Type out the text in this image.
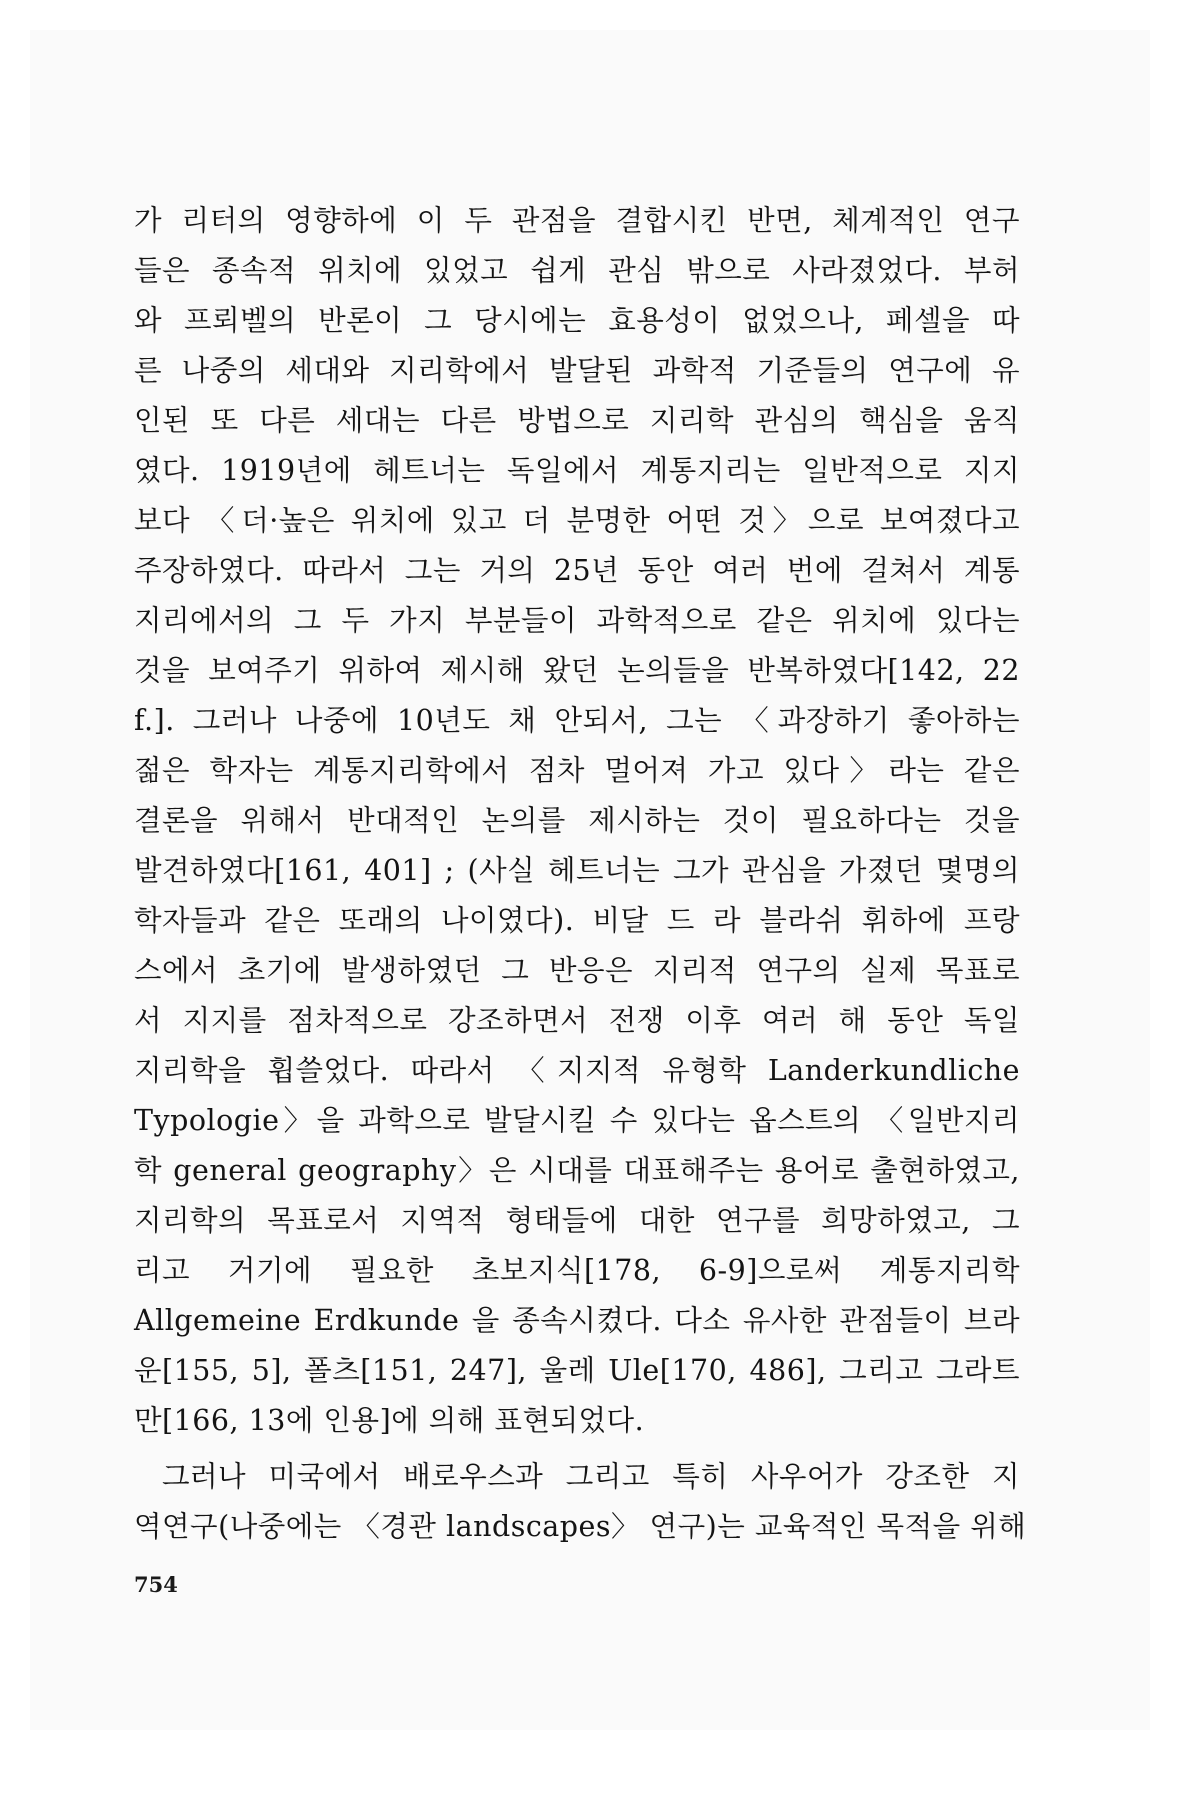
가 리터의 영향하에 이 두 관점을 결합시킨 반면, 체계적인 연구
들은 종속적 위치에 있었고 쉽게 관심 밖으로 사라졌었다. 부허
와 프뢰벨의 반론이 그 당시에는 효용성이 없었으나, 페셀을 따
른 나중의 세대와 지리학에서 발달된 과학적 기준들의 연구에 유
인된 또 다른 세대는 다른 방법으로 지리학 관심의 핵심을 움직
였다. 1919년에 헤트너는 독일에서 계통지리는 일반적으로 지지
보다 〈더·높은 위치에 있고 더 분명한 어떤 것〉으로 보여졌다고
주장하였다. 따라서 그는 거의 25년 동안 여러 번에 걸쳐서 계통
지리에서의 그 두 가지 부분들이 과학적으로 같은 위치에 있다는
것을 보여주기 위하여 제시해 왔던 논의들을 반복하였다[142, 22
f.]. 그러나 나중에 10년도 채 안되서, 그는 〈과장하기 좋아하는
젊은 학자는 계통지리학에서 점차 멀어져 가고 있다〉라는 같은
결론을 위해서 반대적인 논의를 제시하는 것이 필요하다는 것을
발견하였다[161, 401] ; (사실 헤트너는 그가 관심을 가졌던 몇명의
학자들과 같은 또래의 나이였다). 비달 드 라 블라쉬 휘하에 프랑
스에서 초기에 발생하였던 그 반응은 지리적 연구의 실제 목표로
서 지지를 점차적으로 강조하면서 전쟁 이후 여러 해 동안 독일
지리학을 휩쓸었다. 따라서 〈지지적 유형학 Landerkundliche
Typologie〉을 과학으로 발달시킬 수 있다는 옵스트의 〈일반지리
학 general geography〉은 시대를 대표해주는 용어로 출현하였고,
지리학의 목표로서 지역적 형태들에 대한 연구를 희망하였고, 그
리고 거기에 필요한 초보지식[178, 6-9]으로써 계통지리학
Allgemeine Erdkunde 을 종속시켰다. 다소 유사한 관점들이 브라
운[155, 5], 폴츠[151, 247], 울레 Ule[170, 486], 그리고 그라트
만[166, 13에 인용]에 의해 표현되었다.
그러나 미국에서 배로우스과 그리고 특히 사우어가 강조한 지
역연구(나중에는 〈경관 landscapes〉 연구)는 교육적인 목적을 위해
754
